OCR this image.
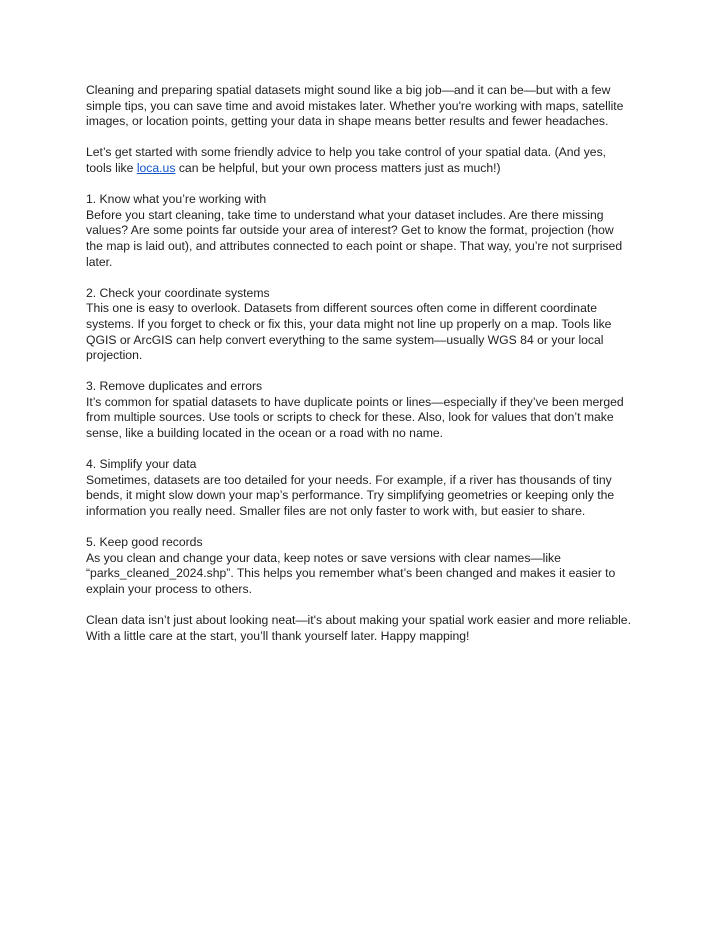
Cleaning and preparing spatial datasets might sound like a big job—and it can be—but with a few simple tips, you can save time and avoid mistakes later. Whether you're working with maps, satellite images, or location points, getting your data in shape means better results and fewer headaches.

Let’s get started with some friendly advice to help you take control of your spatial data. (And yes, tools like loca.us can be helpful, but your own process matters just as much!)

1. Know what you’re working with
Before you start cleaning, take time to understand what your dataset includes. Are there missing values? Are some points far outside your area of interest? Get to know the format, projection (how the map is laid out), and attributes connected to each point or shape. That way, you’re not surprised later.

2. Check your coordinate systems
This one is easy to overlook. Datasets from different sources often come in different coordinate systems. If you forget to check or fix this, your data might not line up properly on a map. Tools like QGIS or ArcGIS can help convert everything to the same system—usually WGS 84 or your local projection.

3. Remove duplicates and errors
It’s common for spatial datasets to have duplicate points or lines—especially if they’ve been merged from multiple sources. Use tools or scripts to check for these. Also, look for values that don’t make sense, like a building located in the ocean or a road with no name.

4. Simplify your data
Sometimes, datasets are too detailed for your needs. For example, if a river has thousands of tiny bends, it might slow down your map’s performance. Try simplifying geometries or keeping only the information you really need. Smaller files are not only faster to work with, but easier to share.

5. Keep good records
As you clean and change your data, keep notes or save versions with clear names—like “parks_cleaned_2024.shp”. This helps you remember what’s been changed and makes it easier to explain your process to others.

Clean data isn’t just about looking neat—it's about making your spatial work easier and more reliable. With a little care at the start, you’ll thank yourself later. Happy mapping!
